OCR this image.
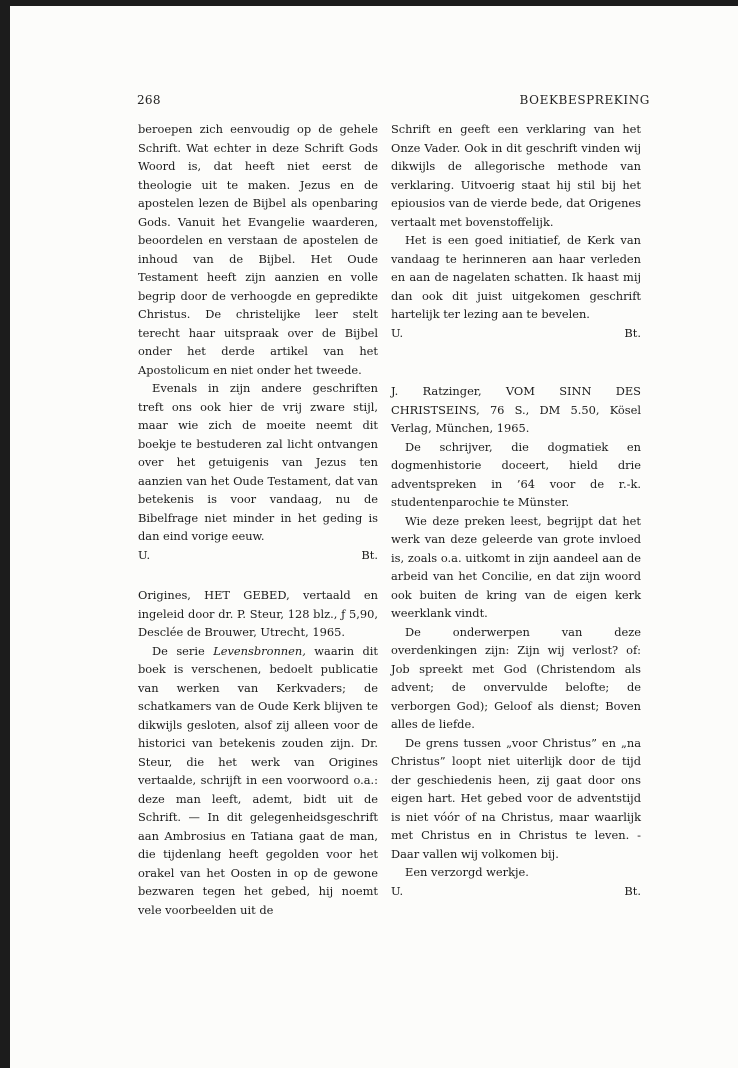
268	BOEKBESPREKING

beroepen zich eenvoudig op de gehele Schrift. Wat echter in deze Schrift Gods Woord is, dat heeft niet eerst de theologie uit te maken. Jezus en de apostelen lezen de Bijbel als openbaring Gods. Vanuit het Evangelie waarderen, beoordelen en verstaan de apostelen de inhoud van de Bijbel. Het Oude Testament heeft zijn aanzien en volle begrip door de verhoogde en gepredikte Christus. De christelijke leer stelt terecht haar uitspraak over de Bijbel onder het derde artikel van het Apostolicum en niet onder het tweede.

Evenals in zijn andere geschriften treft ons ook hier de vrij zware stijl, maar wie zich de moeite neemt dit boekje te bestuderen zal licht ontvangen over het getuigenis van Jezus ten aanzien van het Oude Testament, dat van betekenis is voor vandaag, nu de Bibelfrage niet minder in het geding is dan eind vorige eeuw.

U.	Bt.

Origines, HET GEBED, vertaald en ingeleid door dr. P. Steur, 128 blz., ƒ 5,90, Desclée de Brouwer, Utrecht, 1965.

De serie Levensbronnen, waarin dit boek is verschenen, bedoelt publicatie van werken van Kerkvaders; de schatkamers van de Oude Kerk blijven te dikwijls gesloten, alsof zij alleen voor de historici van betekenis zouden zijn. Dr. Steur, die het werk van Origines vertaalde, schrijft in een voorwoord o.a.: deze man leeft, ademt, bidt uit de Schrift. — In dit gelegenheidsgeschrift aan Ambrosius en Tatiana gaat de man, die tijdenlang heeft gegolden voor het orakel van het Oosten in op de gewone bezwaren tegen het gebed, hij noemt vele voorbeelden uit de

Schrift en geeft een verklaring van het Onze Vader. Ook in dit geschrift vinden wij dikwijls de allegorische methode van verklaring. Uitvoerig staat hij stil bij het epiousios van de vierde bede, dat Origenes vertaalt met bovenstoffelijk.

Het is een goed initiatief, de Kerk van vandaag te herinneren aan haar verleden en aan de nagelaten schatten. Ik haast mij dan ook dit juist uitgekomen geschrift hartelijk ter lezing aan te bevelen.

U.	Bt.

J. Ratzinger, VOM SINN DES CHRISTSEINS, 76 S., DM 5.50, Kösel Verlag, München, 1965.

De schrijver, die dogmatiek en dogmenhistorie doceert, hield drie adventspreken in ’64 voor de r.-k. studentenparochie te Münster.

Wie deze preken leest, begrijpt dat het werk van deze geleerde van grote invloed is, zoals o.a. uitkomt in zijn aandeel aan de arbeid van het Concilie, en dat zijn woord ook buiten de kring van de eigen kerk weerklank vindt.

De onderwerpen van deze overdenkingen zijn: Zijn wij verlost? of: Job spreekt met God (Christendom als advent; de onvervulde belofte; de verborgen God); Geloof als dienst; Boven alles de liefde.

De grens tussen „voor Christus” en „na Christus” loopt niet uiterlijk door de tijd der geschiedenis heen, zij gaat door ons eigen hart. Het gebed voor de adventstijd is niet vóór of na Christus, maar waarlijk met Christus en in Christus te leven. - Daar vallen wij volkomen bij.

Een verzorgd werkje.

U.	Bt.
